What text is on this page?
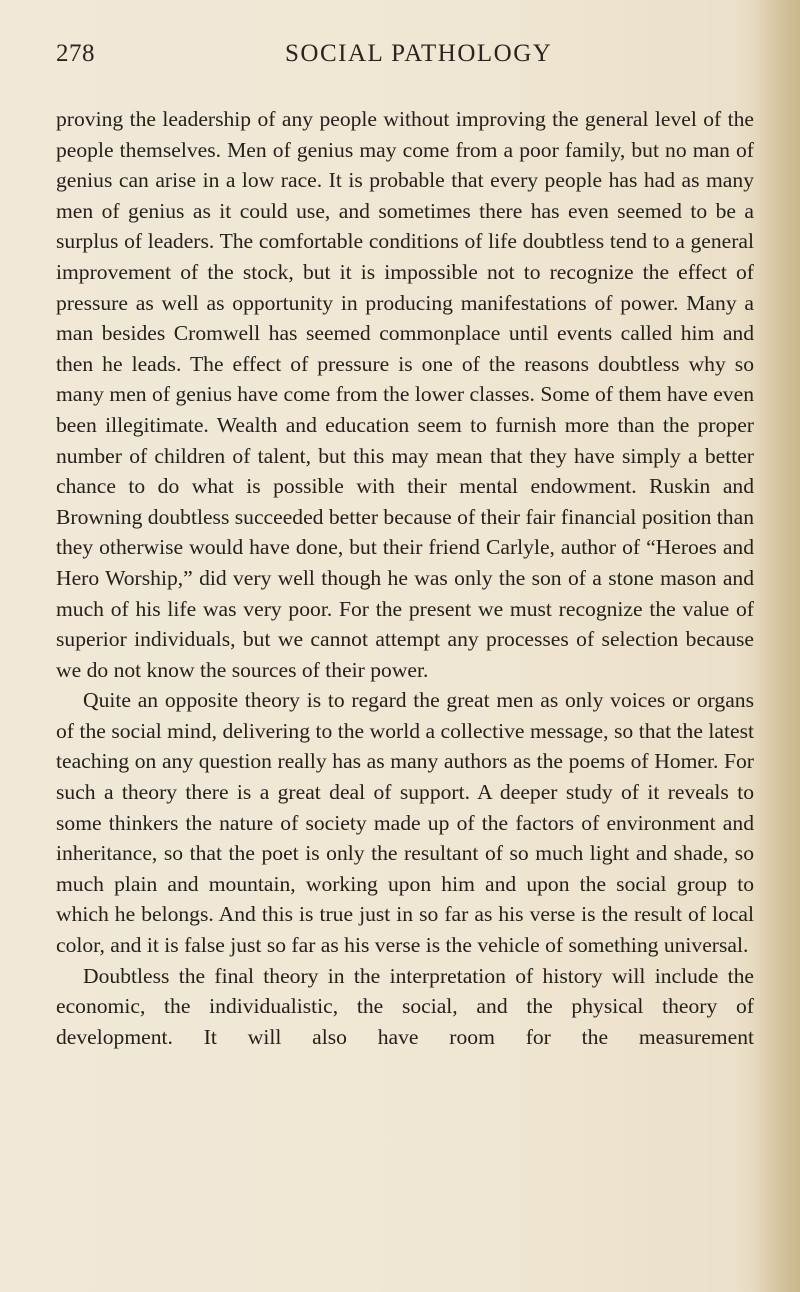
278	SOCIAL PATHOLOGY

proving the leadership of any people without improving the general level of the people themselves. Men of genius may come from a poor family, but no man of genius can arise in a low race. It is probable that every people has had as many men of genius as it could use, and sometimes there has even seemed to be a surplus of leaders. The comfortable conditions of life doubtless tend to a general improvement of the stock, but it is impossible not to recognize the effect of pressure as well as opportunity in producing manifestations of power. Many a man besides Cromwell has seemed commonplace until events called him and then he leads. The effect of pressure is one of the reasons doubtless why so many men of genius have come from the lower classes. Some of them have even been illegitimate. Wealth and education seem to furnish more than the proper number of children of talent, but this may mean that they have simply a better chance to do what is possible with their mental endowment. Ruskin and Browning doubtless succeeded better because of their fair financial position than they otherwise would have done, but their friend Carlyle, author of “Heroes and Hero Worship,” did very well though he was only the son of a stone mason and much of his life was very poor. For the present we must recognize the value of superior individuals, but we cannot attempt any processes of selection because we do not know the sources of their power.

Quite an opposite theory is to regard the great men as only voices or organs of the social mind, delivering to the world a collective message, so that the latest teaching on any question really has as many authors as the poems of Homer. For such a theory there is a great deal of support. A deeper study of it reveals to some thinkers the nature of society made up of the factors of environment and inheritance, so that the poet is only the resultant of so much light and shade, so much plain and mountain, working upon him and upon the social group to which he belongs. And this is true just in so far as his verse is the result of local color, and it is false just so far as his verse is the vehicle of something universal.

Doubtless the final theory in the interpretation of history will include the economic, the individualistic, the social, and the physical theory of development. It will also have room for the measurement
